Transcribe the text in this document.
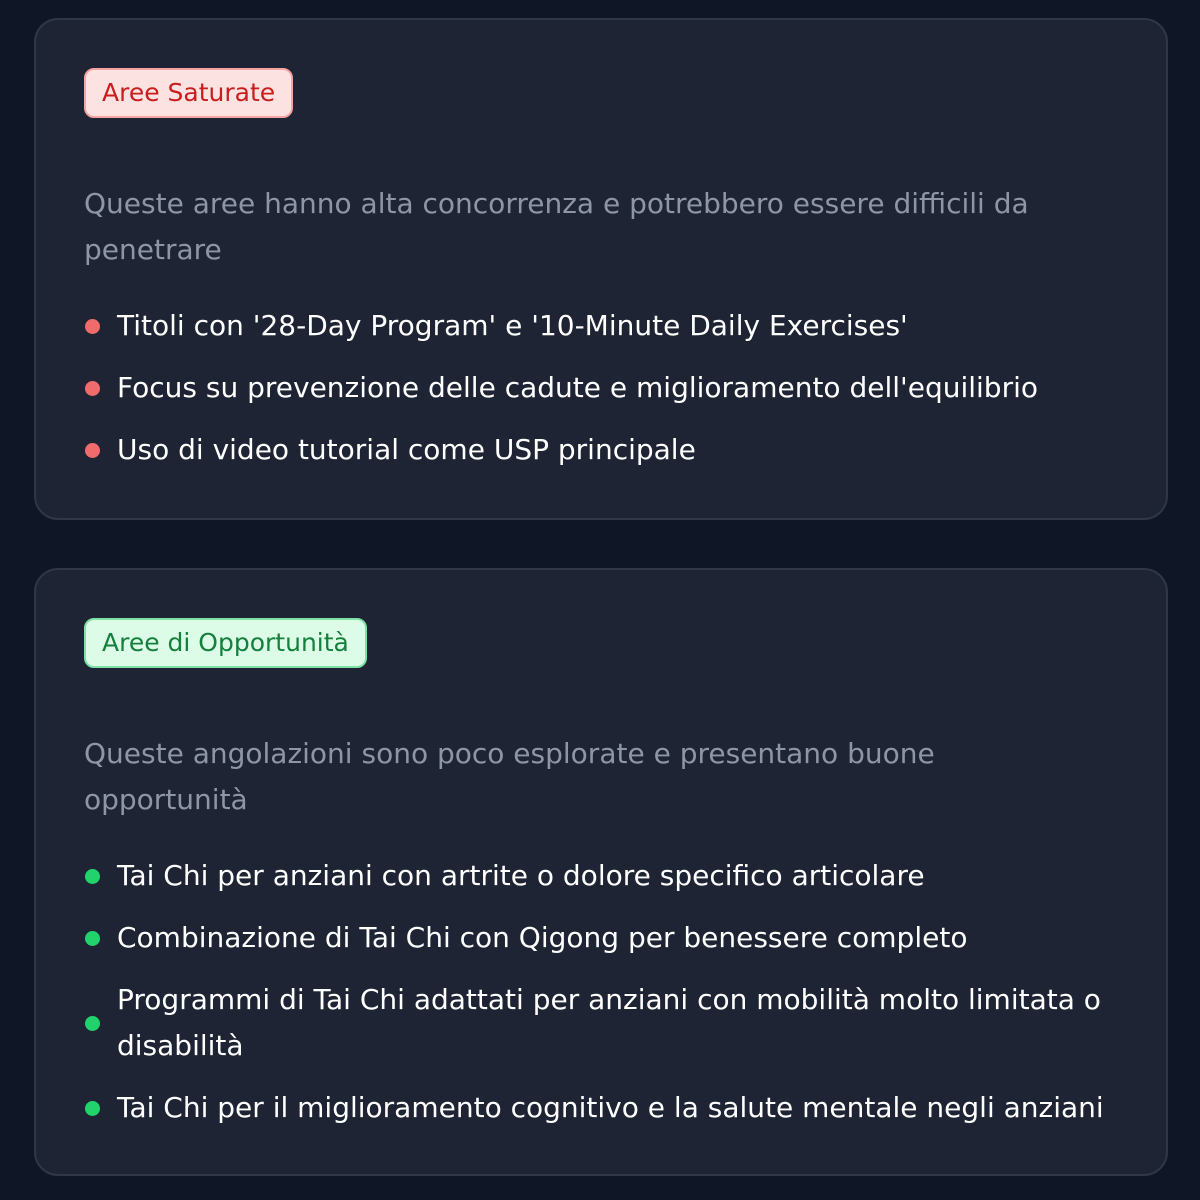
Aree Saturate

Queste aree hanno alta concorrenza e potrebbero essere difficili da penetrare

Titoli con '28-Day Program' e '10-Minute Daily Exercises'
Focus su prevenzione delle cadute e miglioramento dell'equilibrio
Uso di video tutorial come USP principale
Aree di Opportunità

Queste angolazioni sono poco esplorate e presentano buone opportunità

Tai Chi per anziani con artrite o dolore specifico articolare
Combinazione di Tai Chi con Qigong per benessere completo
Programmi di Tai Chi adattati per anziani con mobilità molto limitata o disabilità
Tai Chi per il miglioramento cognitivo e la salute mentale negli anziani
